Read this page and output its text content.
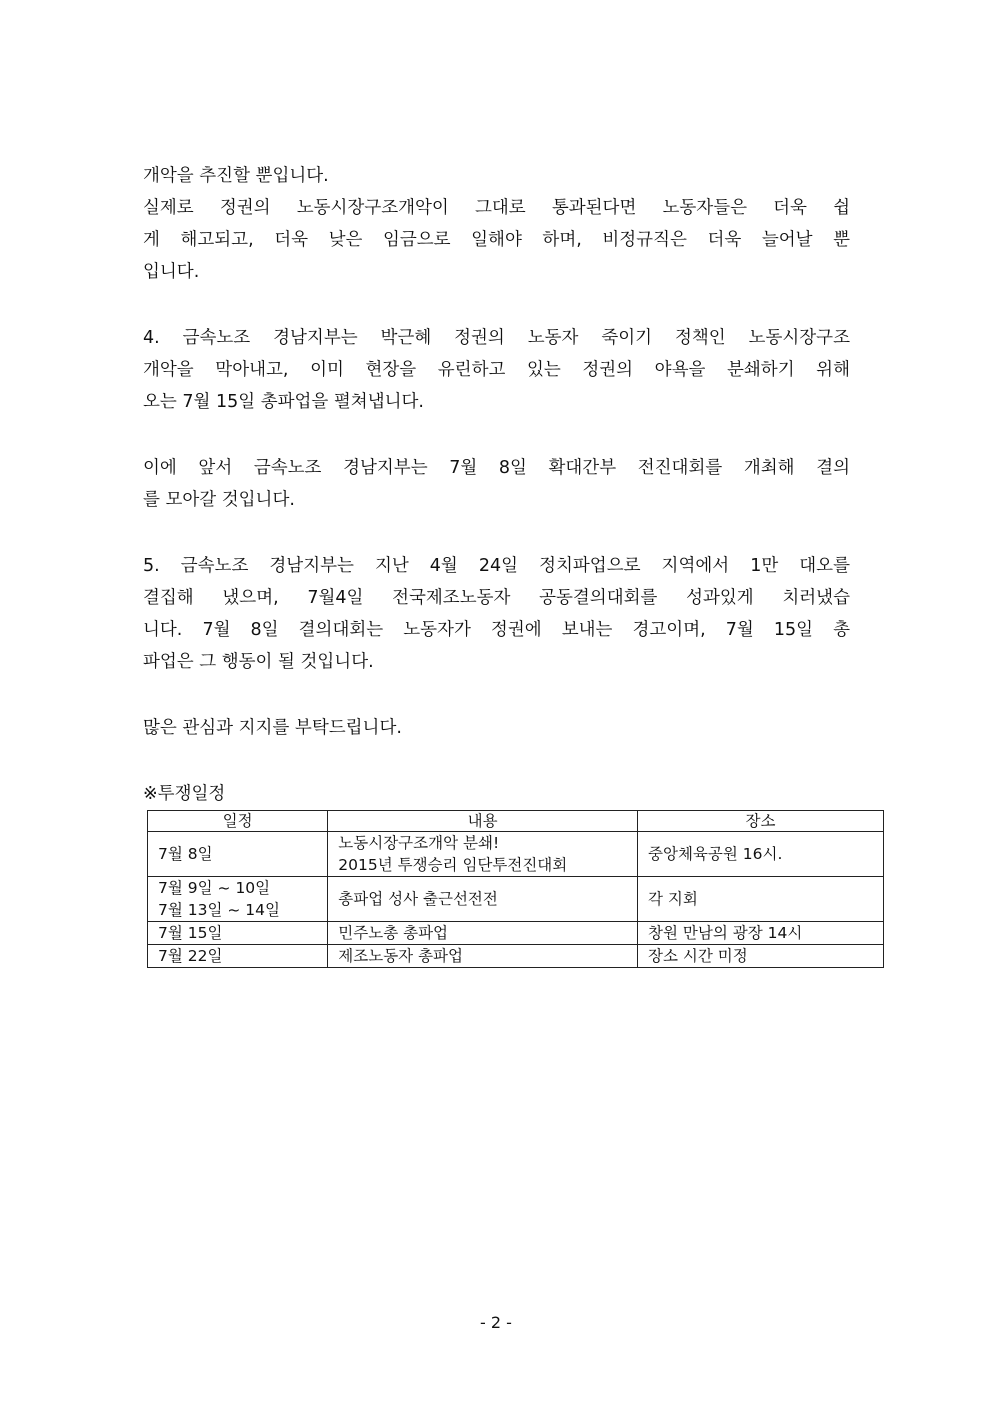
개악을 추진할 뿐입니다.
실제로 정권의 노동시장구조개악이 그대로 통과된다면 노동자들은 더욱 쉽
게 해고되고, 더욱 낮은 임금으로 일해야 하며, 비정규직은 더욱 늘어날 뿐
입니다.

4. 금속노조 경남지부는 박근혜 정권의 노동자 죽이기 정책인 노동시장구조
개악을 막아내고, 이미 현장을 유린하고 있는 정권의 야욕을 분쇄하기 위해
오는 7월 15일 총파업을 펼쳐냅니다.

이에 앞서 금속노조 경남지부는 7월 8일 확대간부 전진대회를 개최해 결의
를 모아갈 것입니다.

5. 금속노조 경남지부는 지난 4월 24일 정치파업으로 지역에서 1만 대오를
결집해 냈으며, 7월4일 전국제조노동자 공동결의대회를 성과있게 치러냈습
니다. 7월 8일 결의대회는 노동자가 정권에 보내는 경고이며, 7월 15일 총
파업은 그 행동이 될 것입니다.

많은 관심과 지지를 부탁드립니다.

※투쟁일정

일정	내용	장소
7월 8일	노동시장구조개악 분쇄!
2015년 투쟁승리 임단투전진대회	중앙체육공원 16시.

7월 9일 ~ 10일
7월 13일 ~ 14일	총파업 성사 출근선전전	각 지회
7월 15일	민주노총 총파업	창원 만남의 광장 14시
7월 22일	제조노동자 총파업	장소 시간 미정
- 2 -
